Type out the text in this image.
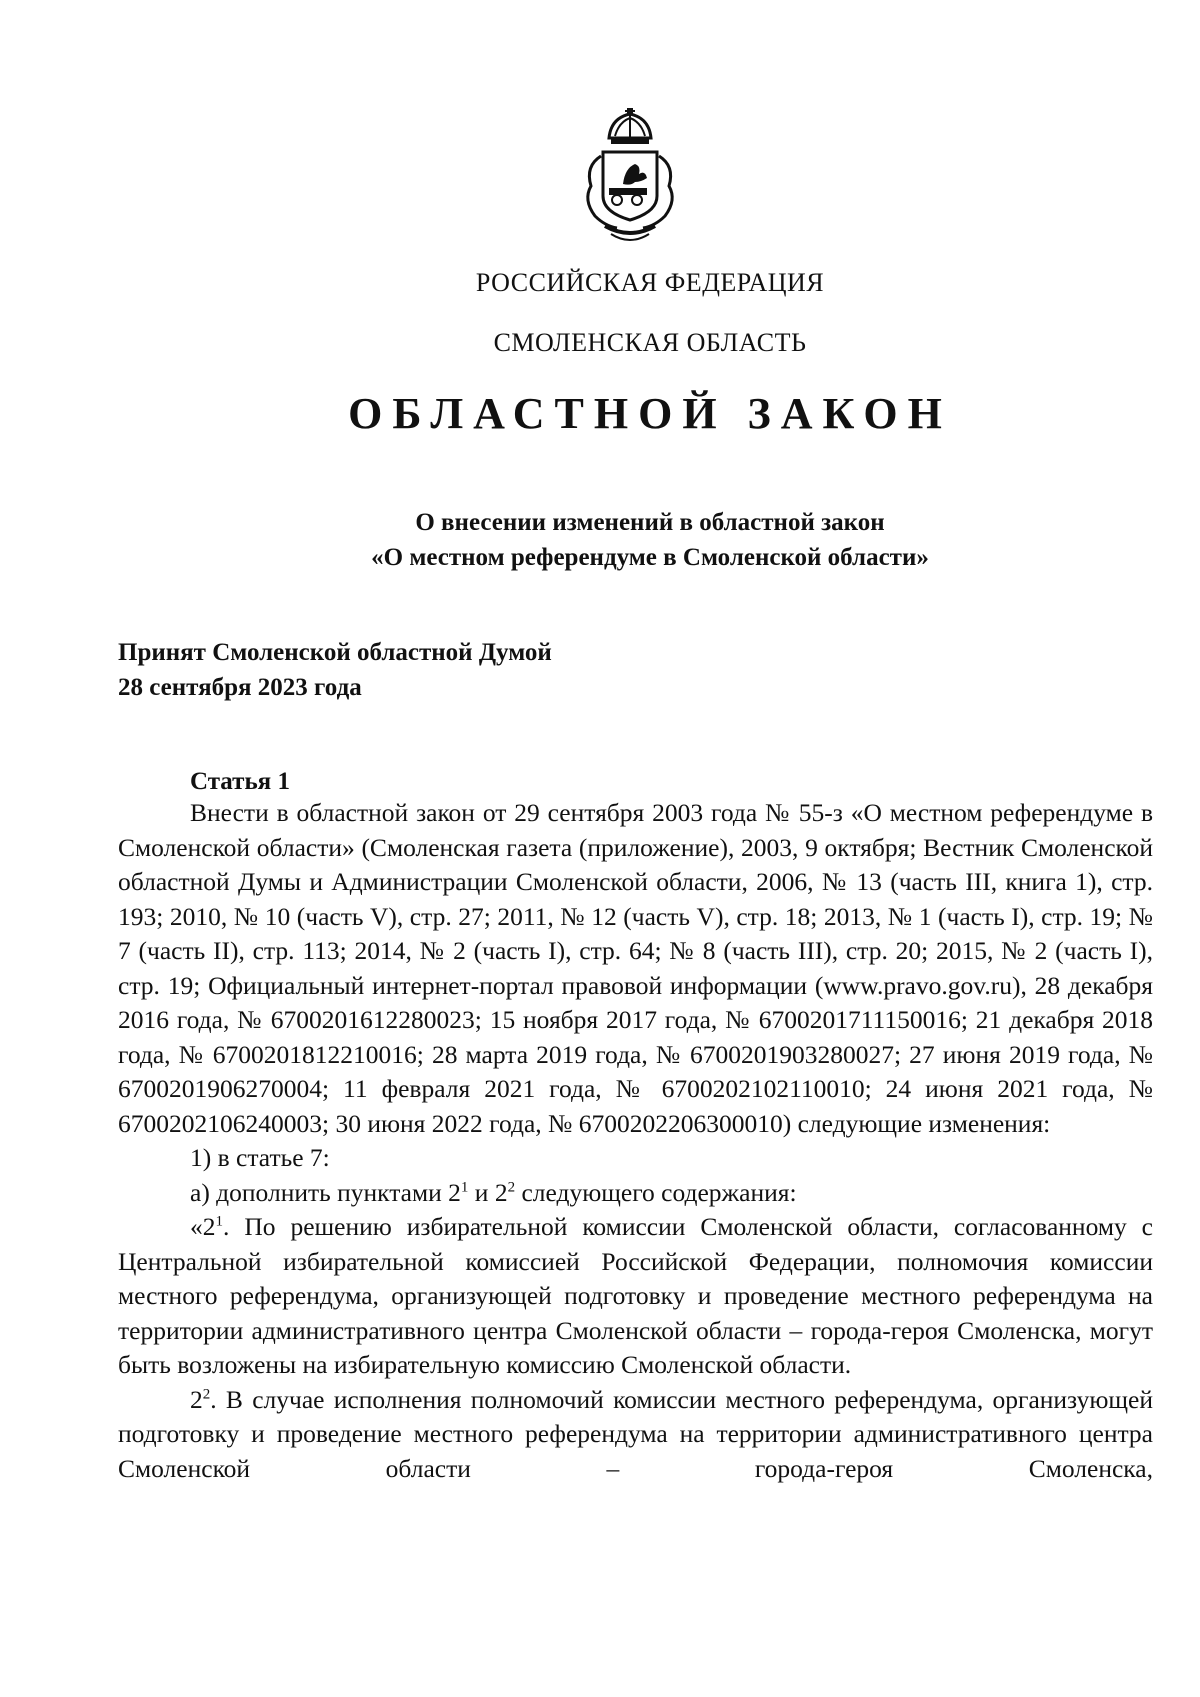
РОССИЙСКАЯ ФЕДЕРАЦИЯ
СМОЛЕНСКАЯ ОБЛАСТЬ
ОБЛАСТНОЙ ЗАКОН
О внесении изменений в областной закон
«О местном референдуме в Смоленской области»
Принят Смоленской областной Думой
28 сентября 2023 года
Статья 1

Внести в областной закон от 29 сентября 2003 года № 55-з «О местном референдуме в Смоленской области» (Смоленская газета (приложение), 2003, 9 октября; Вестник Смоленской областной Думы и Администрации Смоленской области, 2006, № 13 (часть III, книга 1), стр. 193; 2010, № 10 (часть V), стр. 27; 2011, № 12 (часть V), стр. 18; 2013, № 1 (часть I), стр. 19; № 7 (часть II), стр. 113; 2014, № 2 (часть I), стр. 64; № 8 (часть III), стр. 20; 2015, № 2 (часть I), стр. 19; Официальный интернет-портал правовой информации (www.pravo.gov.ru), 28 декабря 2016 года, № 6700201612280023; 15 ноября 2017 года, № 6700201711150016; 21 декабря 2018 года, № 6700201812210016; 28 марта 2019 года, № 6700201903280027; 27 июня 2019 года, № 6700201906270004; 11 февраля 2021 года, № 6700202102110010; 24 июня 2021 года, № 6700202106240003; 30 июня 2022 года, № 6700202206300010) следующие изменения:

1) в статье 7:

а) дополнить пунктами $2^1$ и $2^2$ следующего содержания:

«$2^1$. По решению избирательной комиссии Смоленской области, согласованному с Центральной избирательной комиссией Российской Федерации, полномочия комиссии местного референдума, организующей подготовку и проведение местного референдума на территории административного центра Смоленской области – города-героя Смоленска, могут быть возложены на избирательную комиссию Смоленской области.

$2^2$. В случае исполнения полномочий комиссии местного референдума, организующей подготовку и проведение местного референдума на территории административного центра Смоленской области – города-героя Смоленска,
